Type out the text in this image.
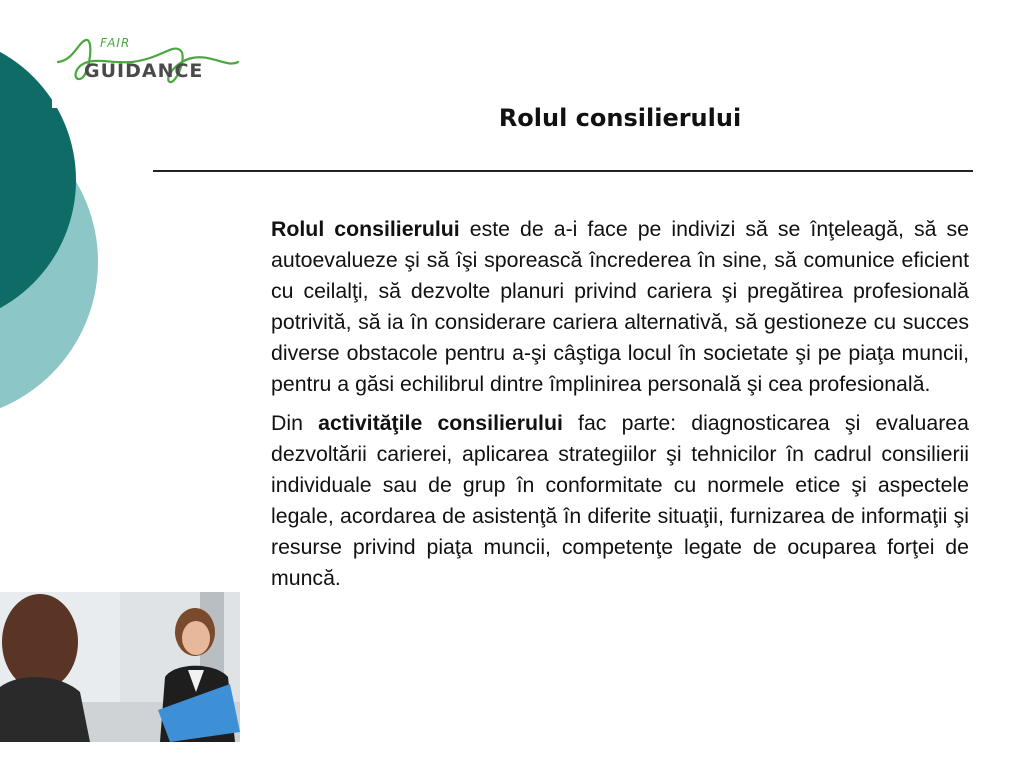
FAIR
GUIDANCE
Rolul consilierului

Rolul consilierului este de a-i face pe indivizi să se înţeleagă, să se autoevalueze şi să îşi sporească încrederea în sine, să comunice eficient cu ceilalţi, să dezvolte planuri privind cariera şi pregătirea profesională potrivită, să ia în considerare cariera alternativă, să gestioneze cu succes diverse obstacole pentru a-şi câştiga locul în societate şi pe piaţa muncii, pentru a găsi echilibrul dintre împlinirea personală şi cea profesională.

Din activităţile consilierului fac parte: diagnosticarea şi evaluarea dezvoltării carierei, aplicarea strategiilor şi tehnicilor în cadrul consilierii individuale sau de grup în conformitate cu normele etice şi aspectele legale, acordarea de asistenţă în diferite situaţii, furnizarea de informaţii şi resurse privind piaţa muncii, competenţe legate de ocuparea forţei de muncă.
